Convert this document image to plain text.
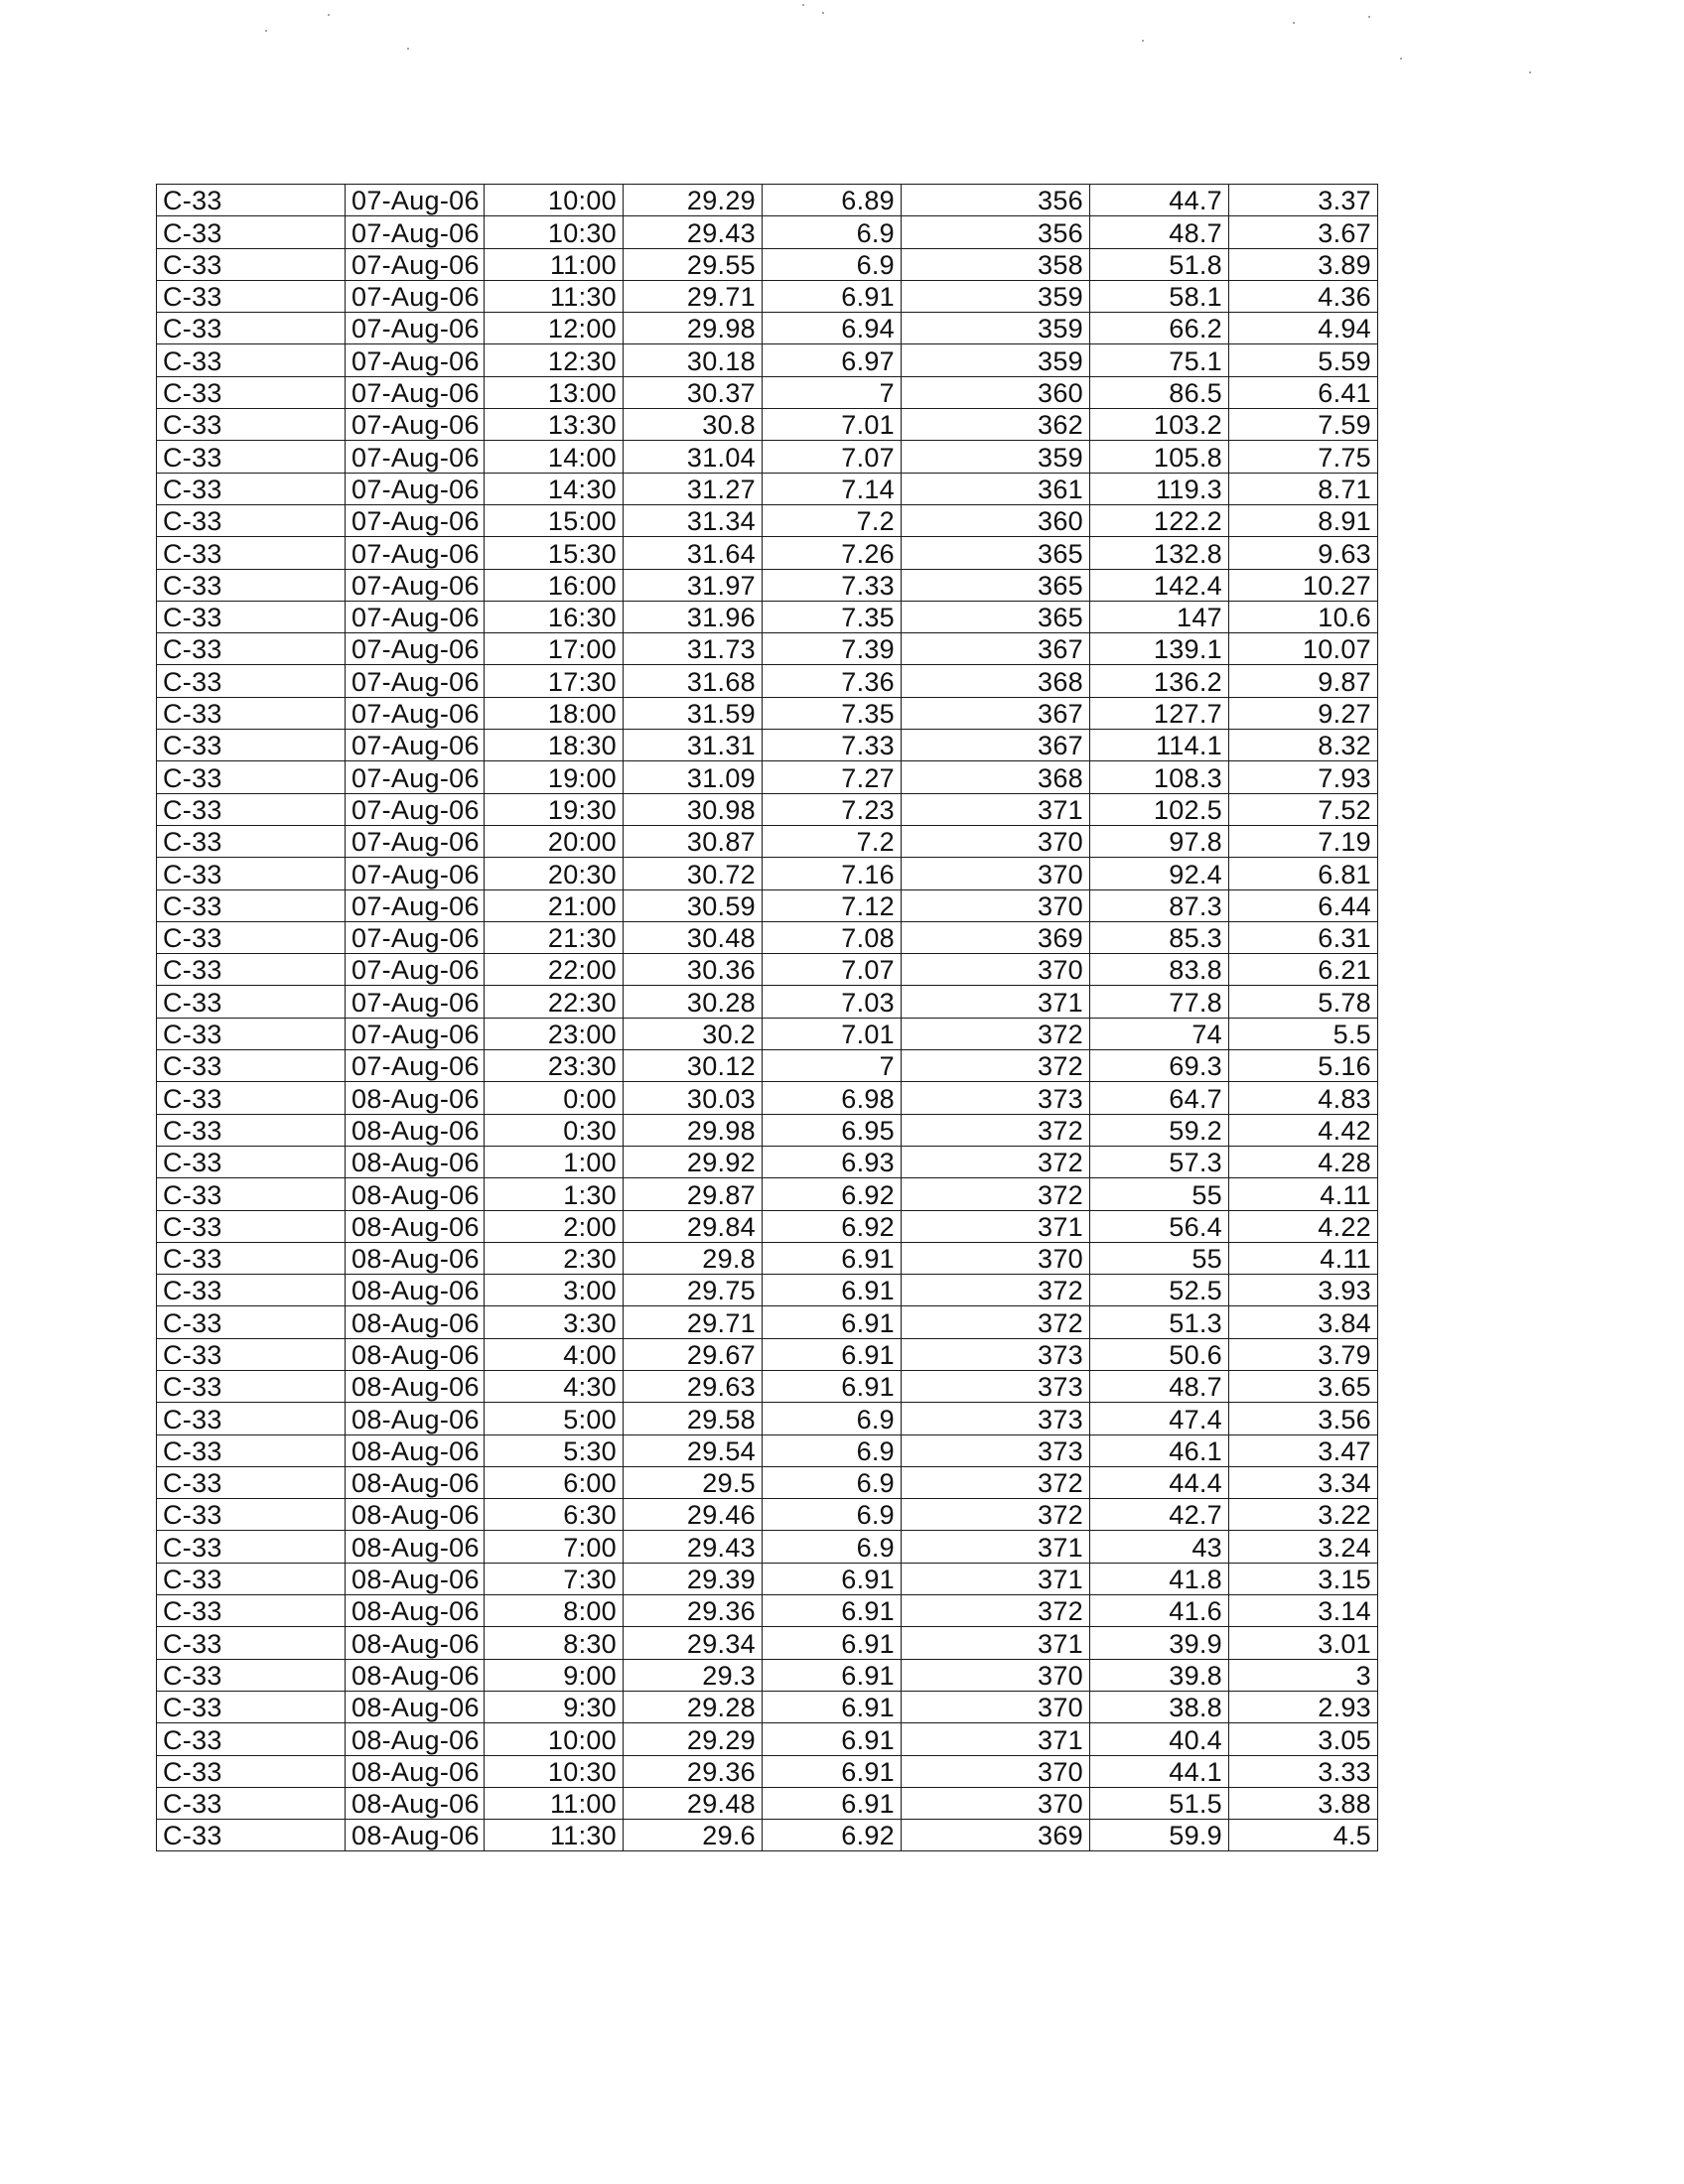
C-33	07-Aug-06	10:00	29.29	6.89	356	44.7	3.37
C-33	07-Aug-06	10:30	29.43	6.9	356	48.7	3.67
C-33	07-Aug-06	11:00	29.55	6.9	358	51.8	3.89
C-33	07-Aug-06	11:30	29.71	6.91	359	58.1	4.36
C-33	07-Aug-06	12:00	29.98	6.94	359	66.2	4.94
C-33	07-Aug-06	12:30	30.18	6.97	359	75.1	5.59
C-33	07-Aug-06	13:00	30.37	7	360	86.5	6.41
C-33	07-Aug-06	13:30	30.8	7.01	362	103.2	7.59
C-33	07-Aug-06	14:00	31.04	7.07	359	105.8	7.75
C-33	07-Aug-06	14:30	31.27	7.14	361	119.3	8.71
C-33	07-Aug-06	15:00	31.34	7.2	360	122.2	8.91
C-33	07-Aug-06	15:30	31.64	7.26	365	132.8	9.63
C-33	07-Aug-06	16:00	31.97	7.33	365	142.4	10.27
C-33	07-Aug-06	16:30	31.96	7.35	365	147	10.6
C-33	07-Aug-06	17:00	31.73	7.39	367	139.1	10.07
C-33	07-Aug-06	17:30	31.68	7.36	368	136.2	9.87
C-33	07-Aug-06	18:00	31.59	7.35	367	127.7	9.27
C-33	07-Aug-06	18:30	31.31	7.33	367	114.1	8.32
C-33	07-Aug-06	19:00	31.09	7.27	368	108.3	7.93
C-33	07-Aug-06	19:30	30.98	7.23	371	102.5	7.52
C-33	07-Aug-06	20:00	30.87	7.2	370	97.8	7.19
C-33	07-Aug-06	20:30	30.72	7.16	370	92.4	6.81
C-33	07-Aug-06	21:00	30.59	7.12	370	87.3	6.44
C-33	07-Aug-06	21:30	30.48	7.08	369	85.3	6.31
C-33	07-Aug-06	22:00	30.36	7.07	370	83.8	6.21
C-33	07-Aug-06	22:30	30.28	7.03	371	77.8	5.78
C-33	07-Aug-06	23:00	30.2	7.01	372	74	5.5
C-33	07-Aug-06	23:30	30.12	7	372	69.3	5.16
C-33	08-Aug-06	0:00	30.03	6.98	373	64.7	4.83
C-33	08-Aug-06	0:30	29.98	6.95	372	59.2	4.42
C-33	08-Aug-06	1:00	29.92	6.93	372	57.3	4.28
C-33	08-Aug-06	1:30	29.87	6.92	372	55	4.11
C-33	08-Aug-06	2:00	29.84	6.92	371	56.4	4.22
C-33	08-Aug-06	2:30	29.8	6.91	370	55	4.11
C-33	08-Aug-06	3:00	29.75	6.91	372	52.5	3.93
C-33	08-Aug-06	3:30	29.71	6.91	372	51.3	3.84
C-33	08-Aug-06	4:00	29.67	6.91	373	50.6	3.79
C-33	08-Aug-06	4:30	29.63	6.91	373	48.7	3.65
C-33	08-Aug-06	5:00	29.58	6.9	373	47.4	3.56
C-33	08-Aug-06	5:30	29.54	6.9	373	46.1	3.47
C-33	08-Aug-06	6:00	29.5	6.9	372	44.4	3.34
C-33	08-Aug-06	6:30	29.46	6.9	372	42.7	3.22
C-33	08-Aug-06	7:00	29.43	6.9	371	43	3.24
C-33	08-Aug-06	7:30	29.39	6.91	371	41.8	3.15
C-33	08-Aug-06	8:00	29.36	6.91	372	41.6	3.14
C-33	08-Aug-06	8:30	29.34	6.91	371	39.9	3.01
C-33	08-Aug-06	9:00	29.3	6.91	370	39.8	3
C-33	08-Aug-06	9:30	29.28	6.91	370	38.8	2.93
C-33	08-Aug-06	10:00	29.29	6.91	371	40.4	3.05
C-33	08-Aug-06	10:30	29.36	6.91	370	44.1	3.33
C-33	08-Aug-06	11:00	29.48	6.91	370	51.5	3.88
C-33	08-Aug-06	11:30	29.6	6.92	369	59.9	4.5
